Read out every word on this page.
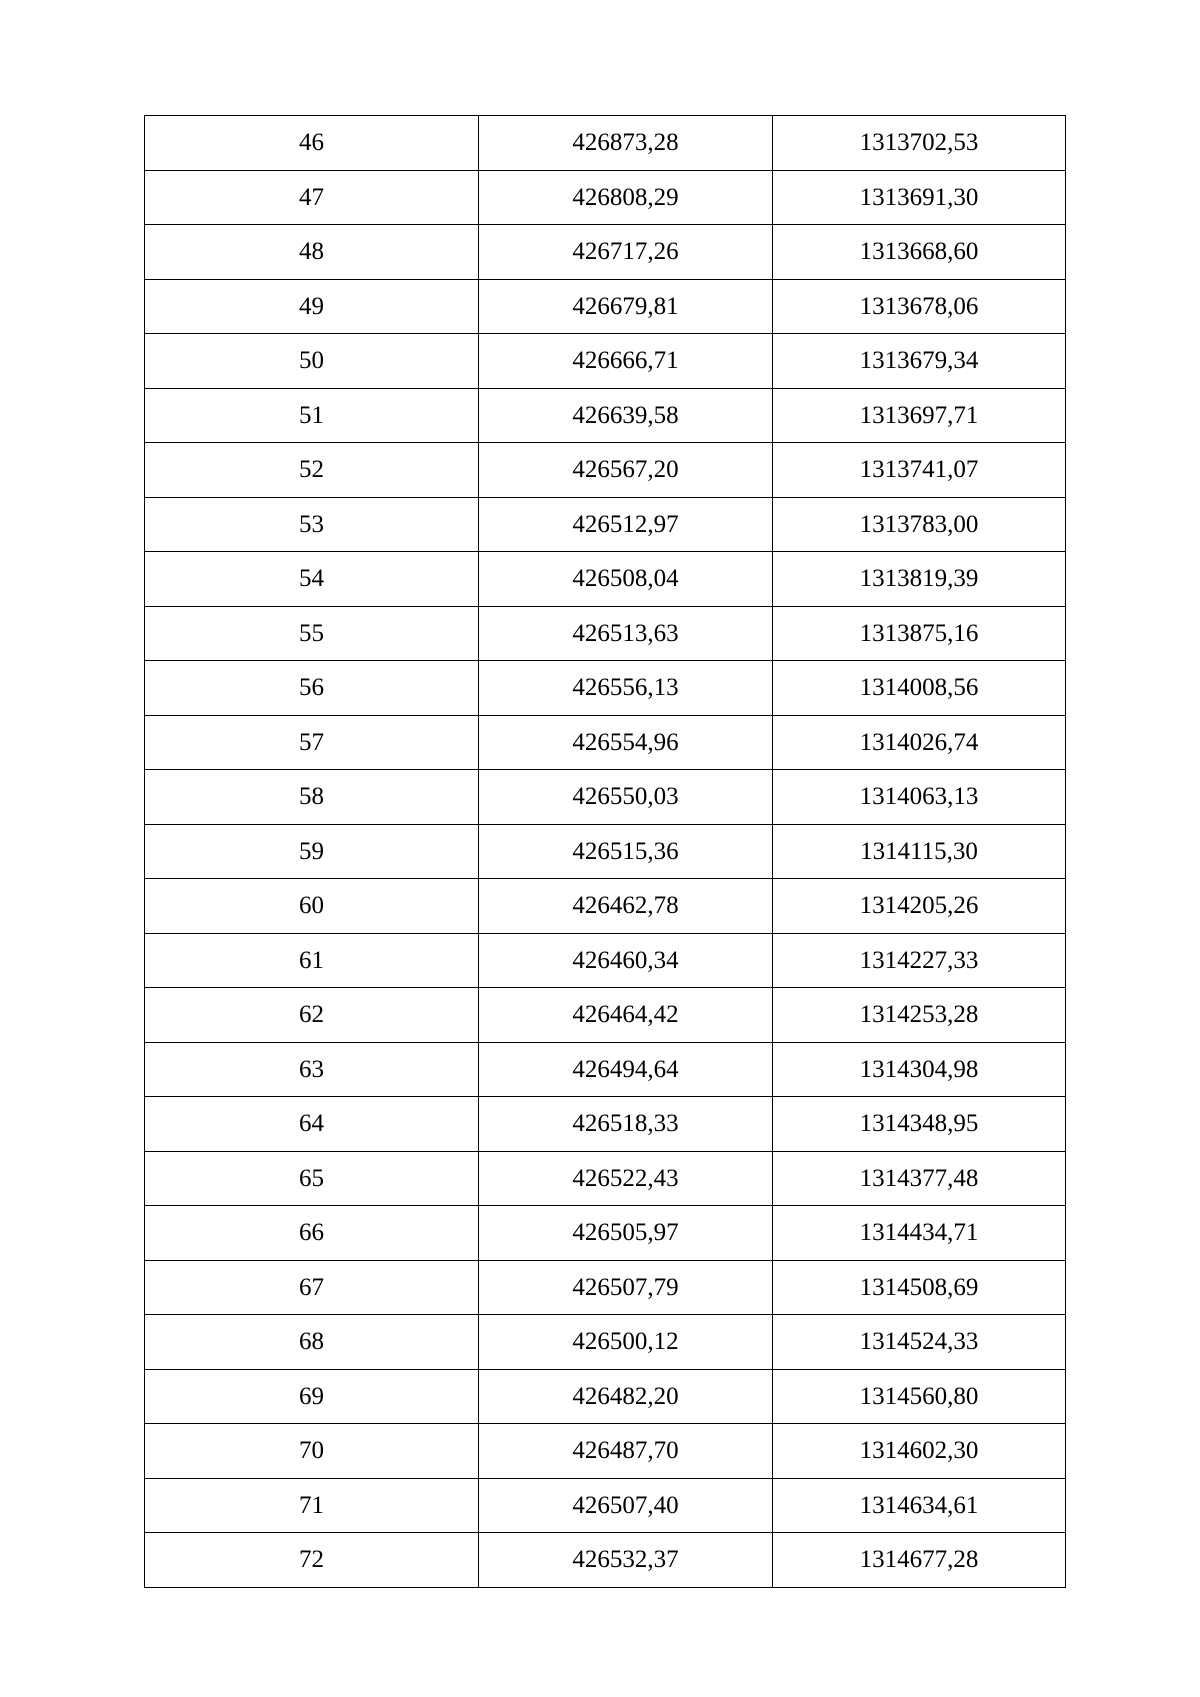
46	426873,28	1313702,53
47	426808,29	1313691,30
48	426717,26	1313668,60
49	426679,81	1313678,06
50	426666,71	1313679,34
51	426639,58	1313697,71
52	426567,20	1313741,07
53	426512,97	1313783,00
54	426508,04	1313819,39
55	426513,63	1313875,16
56	426556,13	1314008,56
57	426554,96	1314026,74
58	426550,03	1314063,13
59	426515,36	1314115,30
60	426462,78	1314205,26
61	426460,34	1314227,33
62	426464,42	1314253,28
63	426494,64	1314304,98
64	426518,33	1314348,95
65	426522,43	1314377,48
66	426505,97	1314434,71
67	426507,79	1314508,69
68	426500,12	1314524,33
69	426482,20	1314560,80
70	426487,70	1314602,30
71	426507,40	1314634,61
72	426532,37	1314677,28
